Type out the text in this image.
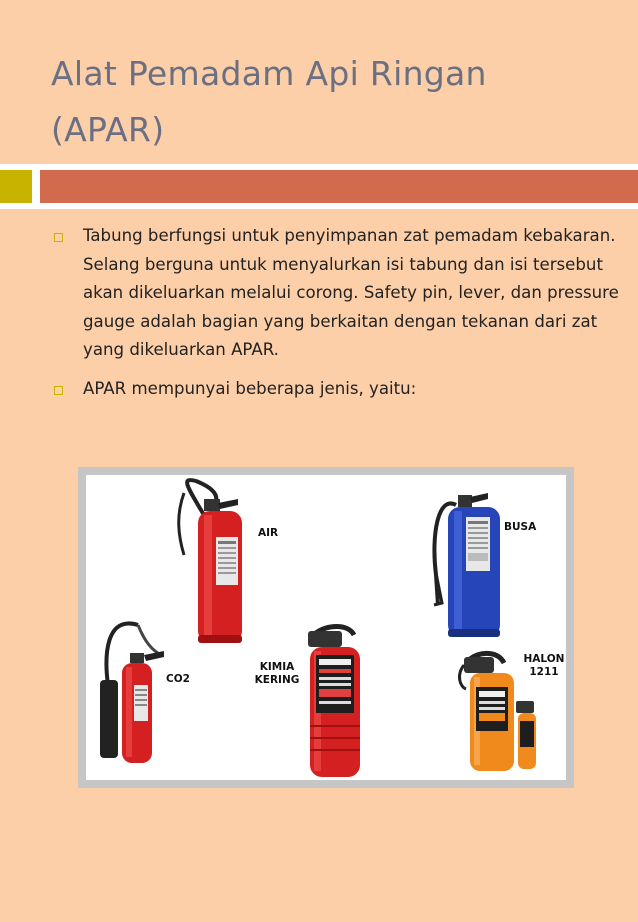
Alat Pemadam Api Ringan
(APAR)
Tabung berfungsi untuk penyimpanan zat pemadam kebakaran. Selang berguna untuk menyalurkan isi tabung dan isi tersebut akan dikeluarkan melalui corong. Safety pin, lever, dan pressure gauge adalah bagian yang berkaitan dengan tekanan dari zat yang dikeluarkan APAR.
APAR mempunyai beberapa jenis, yaitu:
AIR	BUSA
CO2
KIMIA
KERING
HALON
1211
